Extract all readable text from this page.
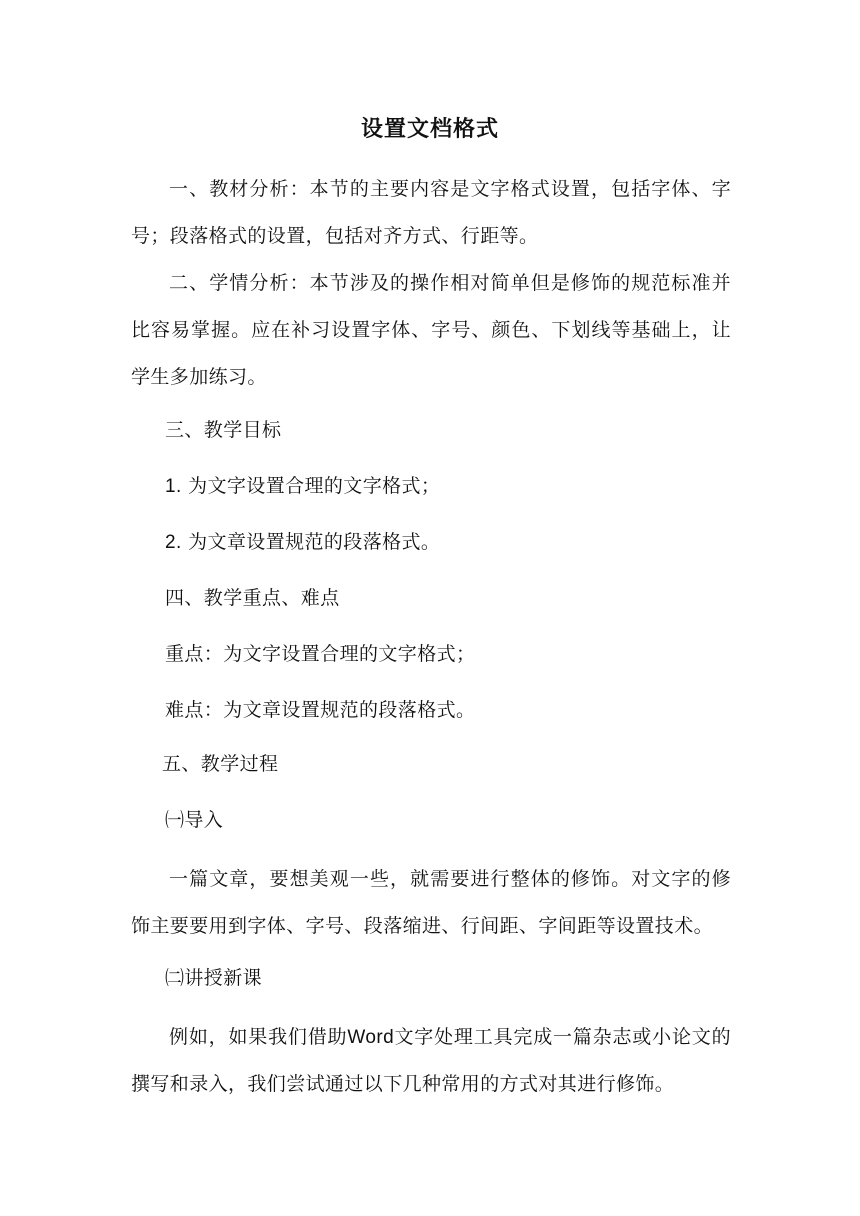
设置文档格式
一、教材分析：本节的主要内容是文字格式设置，包括字体、字号；段落格式的设置，包括对齐方式、行距等。
二、学情分析：本节涉及的操作相对简单但是修饰的规范标准并比容易掌握。应在补习设置字体、字号、颜色、下划线等基础上，让学生多加练习。
三、教学目标
1. 为文字设置合理的文字格式；
2. 为文章设置规范的段落格式。
四、教学重点、难点
重点：为文字设置合理的文字格式；
难点：为文章设置规范的段落格式。
五、教学过程
㈠导入
一篇文章，要想美观一些，就需要进行整体的修饰。对文字的修饰主要要用到字体、字号、段落缩进、行间距、字间距等设置技术。
㈡讲授新课
例如，如果我们借助Word文字处理工具完成一篇杂志或小论文的撰写和录入，我们尝试通过以下几种常用的方式对其进行修饰。
